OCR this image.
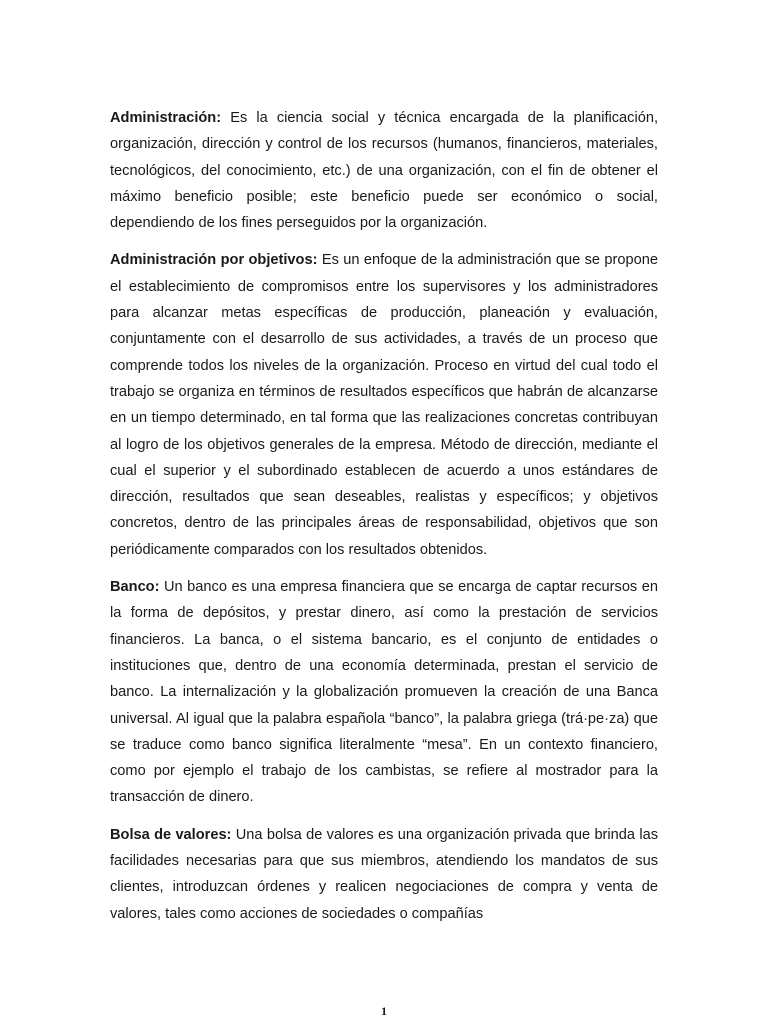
Administración: Es la ciencia social y técnica encargada de la planificación, organización, dirección y control de los recursos (humanos, financieros, materiales, tecnológicos, del conocimiento, etc.) de una organización, con el fin de obtener el máximo beneficio posible; este beneficio puede ser económico o social, dependiendo de los fines perseguidos por la organización.

Administración por objetivos: Es un enfoque de la administración que se propone el establecimiento de compromisos entre los supervisores y los administradores para alcanzar metas específicas de producción, planeación y evaluación, conjuntamente con el desarrollo de sus actividades, a través de un proceso que comprende todos los niveles de la organización. Proceso en virtud del cual todo el trabajo se organiza en términos de resultados específicos que habrán de alcanzarse en un tiempo determinado, en tal forma que las realizaciones concretas contribuyan al logro de los objetivos generales de la empresa. Método de dirección, mediante el cual el superior y el subordinado establecen de acuerdo a unos estándares de dirección, resultados que sean deseables, realistas y específicos; y objetivos concretos, dentro de las principales áreas de responsabilidad, objetivos que son periódicamente comparados con los resultados obtenidos.

Banco: Un banco es una empresa financiera que se encarga de captar recursos en la forma de depósitos, y prestar dinero, así como la prestación de servicios financieros. La banca, o el sistema bancario, es el conjunto de entidades o instituciones que, dentro de una economía determinada, prestan el servicio de banco. La internalización y la globalización promueven la creación de una Banca universal. Al igual que la palabra española “banco”, la palabra griega (trá·pe·za) que se traduce como banco significa literalmente “mesa”. En un contexto financiero, como por ejemplo el trabajo de los cambistas, se refiere al mostrador para la transacción de dinero.

Bolsa de valores: Una bolsa de valores es una organización privada que brinda las facilidades necesarias para que sus miembros, atendiendo los mandatos de sus clientes, introduzcan órdenes y realicen negociaciones de compra y venta de valores, tales como acciones de sociedades o compañías

1
